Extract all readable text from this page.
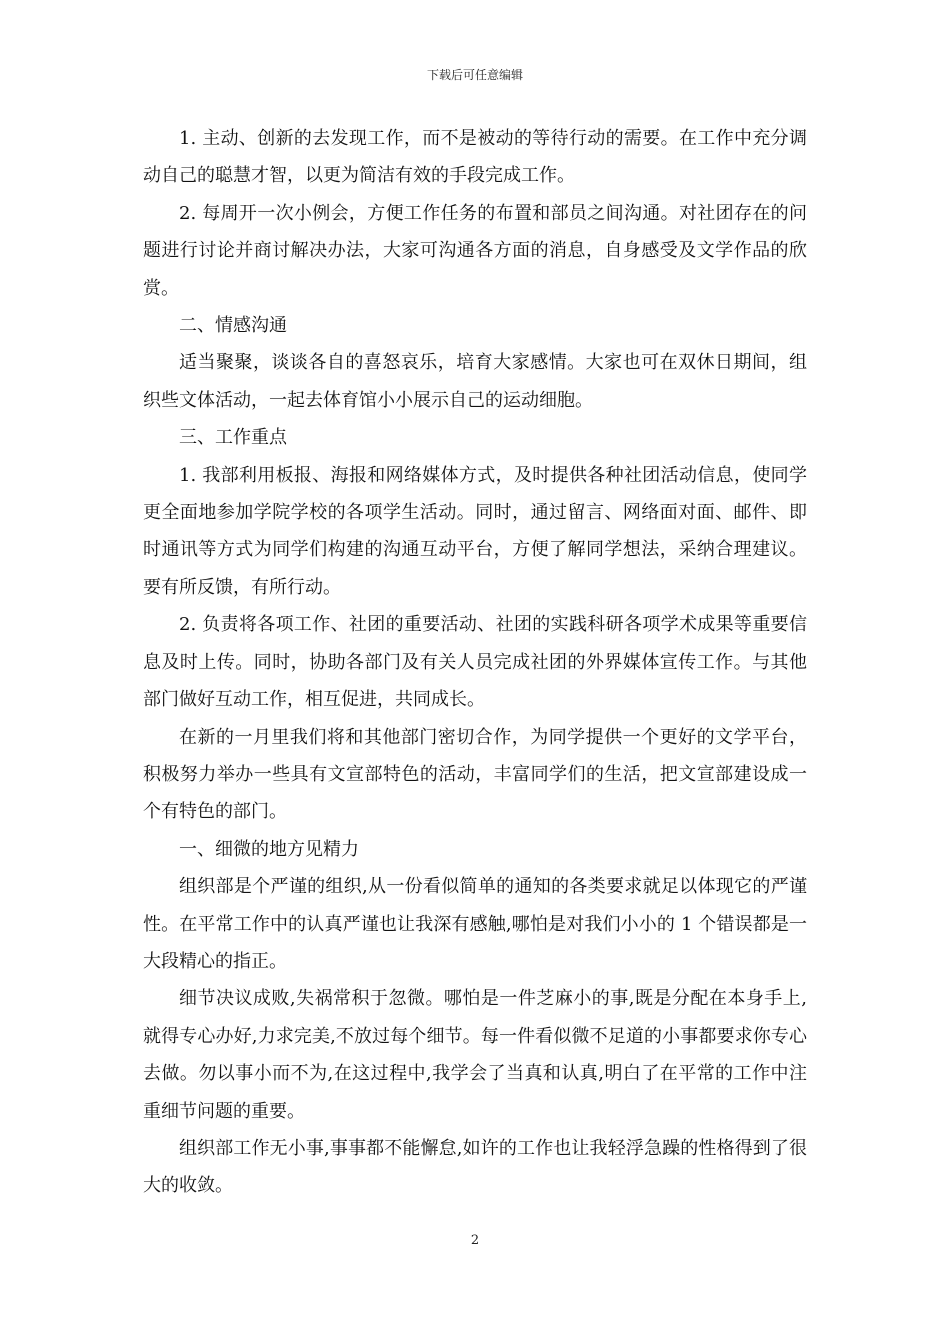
下载后可任意编辑

1. 主动、创新的去发现工作，而不是被动的等待行动的需要。在工作中充分调动自己的聪慧才智，以更为简洁有效的手段完成工作。

2. 每周开一次小例会，方便工作任务的布置和部员之间沟通。对社团存在的问题进行讨论并商讨解决办法，大家可沟通各方面的消息，自身感受及文学作品的欣赏。

二、情感沟通

适当聚聚，谈谈各自的喜怒哀乐，培育大家感情。大家也可在双休日期间，组织些文体活动，一起去体育馆小小展示自己的运动细胞。

三、工作重点

1. 我部利用板报、海报和网络媒体方式，及时提供各种社团活动信息，使同学更全面地参加学院学校的各项学生活动。同时，通过留言、网络面对面、邮件、即时通讯等方式为同学们构建的沟通互动平台，方便了解同学想法，采纳合理建议。要有所反馈，有所行动。

2. 负责将各项工作、社团的重要活动、社团的实践科研各项学术成果等重要信息及时上传。同时，协助各部门及有关人员完成社团的外界媒体宣传工作。与其他部门做好互动工作，相互促进，共同成长。

在新的一月里我们将和其他部门密切合作，为同学提供一个更好的文学平台，积极努力举办一些具有文宣部特色的活动，丰富同学们的生活，把文宣部建设成一个有特色的部门。

一、细微的地方见精力

组织部是个严谨的组织,从一份看似简单的通知的各类要求就足以体现它的严谨性。在平常工作中的认真严谨也让我深有感触,哪怕是对我们小小的 1 个错误都是一大段精心的指正。

细节决议成败,失祸常积于忽微。哪怕是一件芝麻小的事,既是分配在本身手上,就得专心办好,力求完美,不放过每个细节。每一件看似微不足道的小事都要求你专心去做。勿以事小而不为,在这过程中,我学会了当真和认真,明白了在平常的工作中注重细节问题的重要。

组织部工作无小事,事事都不能懈怠,如许的工作也让我轻浮急躁的性格得到了很大的收敛。

2
